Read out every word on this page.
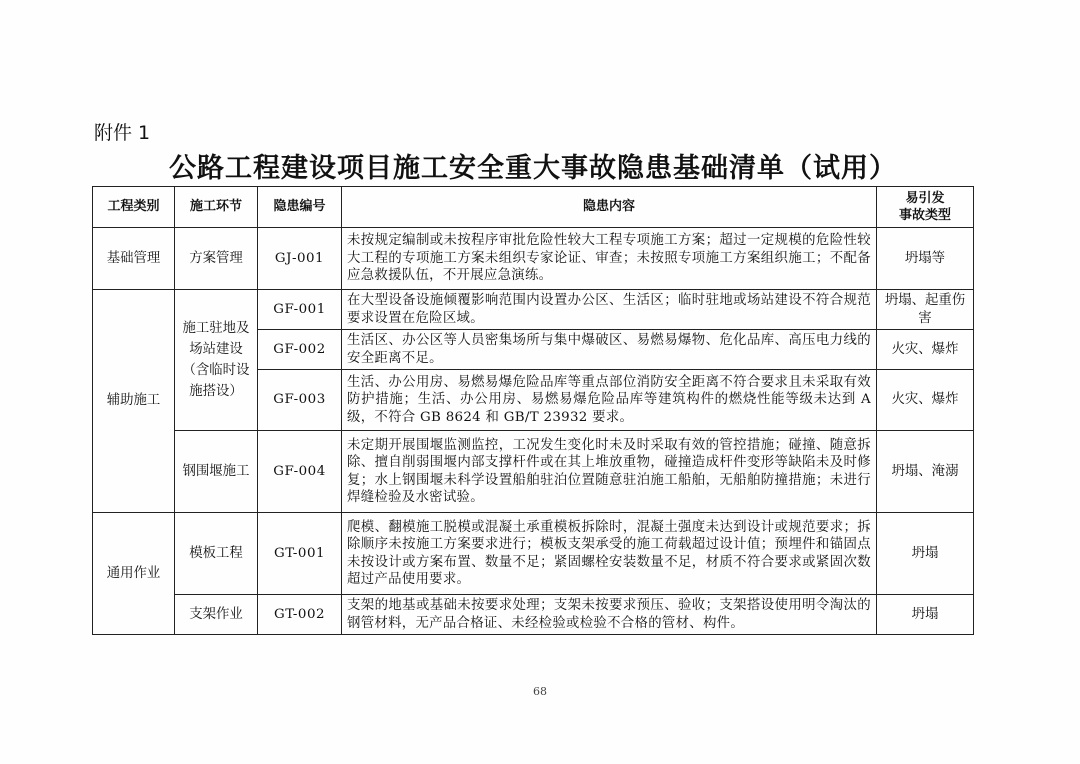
附件 1
公路工程建设项目施工安全重大事故隐患基础清单（试用）
工程类别	施工环节	隐患编号	隐患内容	易引发
事故类型
基础管理	方案管理	GJ-001	未按规定编制或未按程序审批危险性较大工程专项施工方案；超过一定规模的危险性较大工程的专项施工方案未组织专家论证、审查；未按照专项施工方案组织施工；不配备应急救援队伍，不开展应急演练。	坍塌等
辅助施工	施工驻地及场站建设（含临时设施搭设）	GF-001	在大型设备设施倾覆影响范围内设置办公区、生活区；临时驻地或场站建设不符合规范要求设置在危险区域。	坍塌、起重伤害
		GF-002	生活区、办公区等人员密集场所与集中爆破区、易燃易爆物、危化品库、高压电力线的安全距离不足。	火灾、爆炸
		GF-003	生活、办公用房、易燃易爆危险品库等重点部位消防安全距离不符合要求且未采取有效防护措施；生活、办公用房、易燃易爆危险品库等建筑构件的燃烧性能等级未达到 A 级，不符合 GB 8624 和 GB/T 23932 要求。	火灾、爆炸
	钢围堰施工	GF-004	未定期开展围堰监测监控，工况发生变化时未及时采取有效的管控措施；碰撞、随意拆除、擅自削弱围堰内部支撑杆件或在其上堆放重物，碰撞造成杆件变形等缺陷未及时修复；水上钢围堰未科学设置船舶驻泊位置随意驻泊施工船舶，无船舶防撞措施；未进行焊缝检验及水密试验。	坍塌、淹溺
通用作业	模板工程	GT-001	爬模、翻模施工脱模或混凝土承重模板拆除时，混凝土强度未达到设计或规范要求；拆除顺序未按施工方案要求进行；模板支架承受的施工荷载超过设计值；预埋件和锚固点未按设计或方案布置、数量不足；紧固螺栓安装数量不足，材质不符合要求或紧固次数超过产品使用要求。	坍塌
	支架作业	GT-002	支架的地基或基础未按要求处理；支架未按要求预压、验收；支架搭设使用明令淘汰的钢管材料，无产品合格证、未经检验或检验不合格的管材、构件。	坍塌
68
